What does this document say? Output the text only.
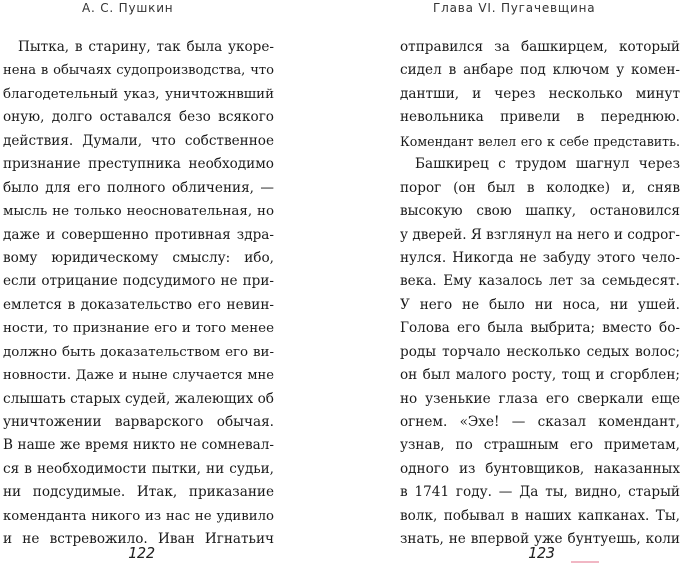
А. С. Пушкин
Пытка, в старину, так была укоре-
нена в обычаях судопроизводства, что
благодетельный указ, уничтожнвший
оную, долго оставался безо всякого
действия. Думали, что собственное
признание преступника необходимо
было для его полного обличения, —
мысль не только неосновательная, но
даже и совершенно противная здра-
вому юридическому смыслу: ибо,
если отрицание подсудимого не при-
емлется в доказательство его невин-
ности, то признание его и того менее
должно быть доказательством его ви-
новности. Даже и ныне случается мне
слышать старых судей, жалеющих об
уничтожении варварского обычая.
В наше же время никто не сомневал-
ся в необходимости пытки, ни судьи,
ни подсудимые. Итак, приказание
коменданта никого из нас не удивило
и не встревожило. Иван Игнатьич
122
Глава VI. Пугачевщина
отправился за башкирцем, который
сидел в анбаре под ключом у комен-
дантши, и через несколько минут
невольника привели в переднюю.
Комендант велел его к себе представить.
Башкирец с трудом шагнул через
порог (он был в колодке) и, сняв
высокую свою шапку, остановился
у дверей. Я взглянул на него и содрог-
нулся. Никогда не забуду этого чело-
века. Ему казалось лет за семьдесят.
У него не было ни носа, ни ушей.
Голова его была выбрита; вместо бо-
роды торчало несколько седых волос;
он был малого росту, тощ и сгорблен;
но узенькие глаза его сверкали еще
огнем. «Эхе! — сказал комендант,
узнав, по страшным его приметам,
одного из бунтовщиков, наказанных
в 1741 году. — Да ты, видно, старый
волк, побывал в наших капканах. Ты,
знать, не впервой уже бунтуешь, коли
123
